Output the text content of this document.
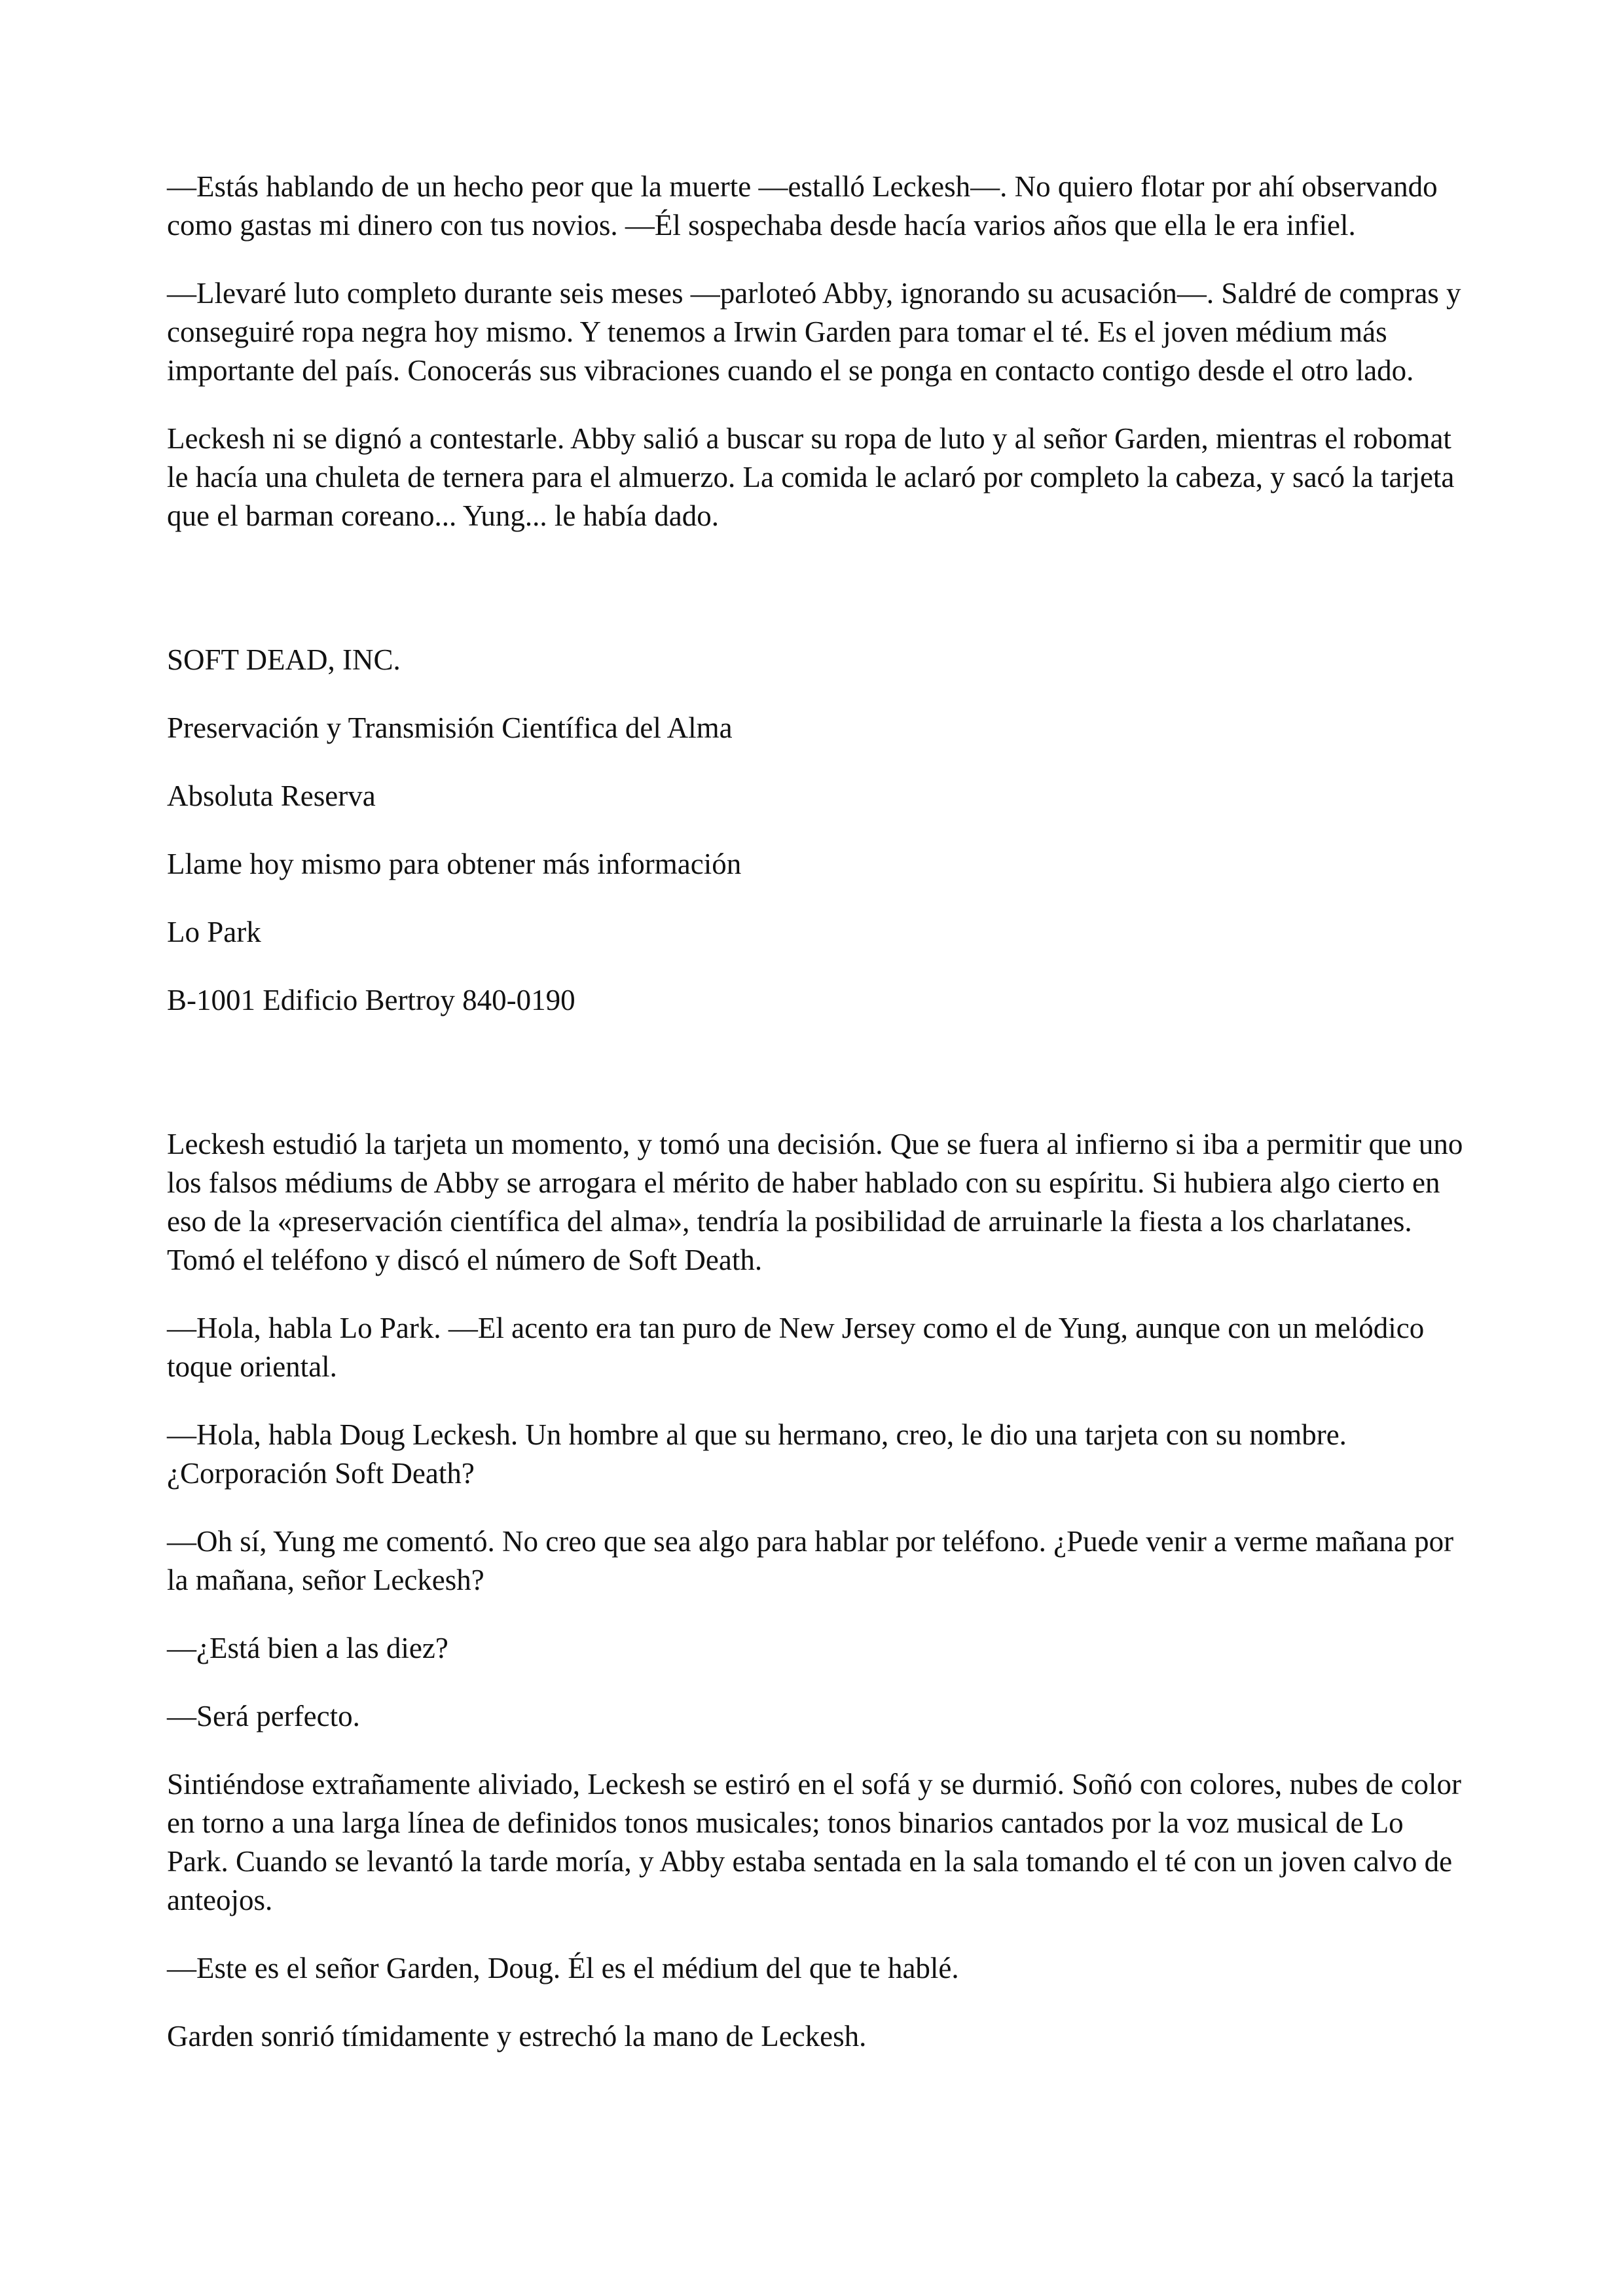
—Estás hablando de un hecho peor que la muerte —estalló Leckesh—. No quiero flotar por ahí observando como gastas mi dinero con tus novios. —Él sospechaba desde hacía varios años que ella le era infiel.

—Llevaré luto completo durante seis meses —parloteó Abby, ignorando su acusación—. Saldré de compras y conseguiré ropa negra hoy mismo. Y tenemos a Irwin Garden para tomar el té. Es el joven médium más importante del país. Conocerás sus vibraciones cuando el se ponga en contacto contigo desde el otro lado.

Leckesh ni se dignó a contestarle. Abby salió a buscar su ropa de luto y al señor Garden, mientras el robomat le hacía una chuleta de ternera para el almuerzo. La comida le aclaró por completo la cabeza, y sacó la tarjeta que el barman coreano... Yung... le había dado.

SOFT DEAD, INC.

Preservación y Transmisión Científica del Alma

Absoluta Reserva

Llame hoy mismo para obtener más información

Lo Park

B-1001 Edificio Bertroy 840-0190

Leckesh estudió la tarjeta un momento, y tomó una decisión. Que se fuera al infierno si iba a permitir que uno los falsos médiums de Abby se arrogara el mérito de haber hablado con su espíritu. Si hubiera algo cierto en eso de la «preservación científica del alma», tendría la posibilidad de arruinarle la fiesta a los charlatanes. Tomó el teléfono y discó el número de Soft Death.

—Hola, habla Lo Park. —El acento era tan puro de New Jersey como el de Yung, aunque con un melódico toque oriental.

—Hola, habla Doug Leckesh. Un hombre al que su hermano, creo, le dio una tarjeta con su nombre. ¿Corporación Soft Death?

—Oh sí, Yung me comentó. No creo que sea algo para hablar por teléfono. ¿Puede venir a verme mañana por la mañana, señor Leckesh?

—¿Está bien a las diez?

—Será perfecto.

Sintiéndose extrañamente aliviado, Leckesh se estiró en el sofá y se durmió. Soñó con colores, nubes de color en torno a una larga línea de definidos tonos musicales; tonos binarios cantados por la voz musical de Lo Park. Cuando se levantó la tarde moría, y Abby estaba sentada en la sala tomando el té con un joven calvo de anteojos.

—Este es el señor Garden, Doug. Él es el médium del que te hablé.

Garden sonrió tímidamente y estrechó la mano de Leckesh.
